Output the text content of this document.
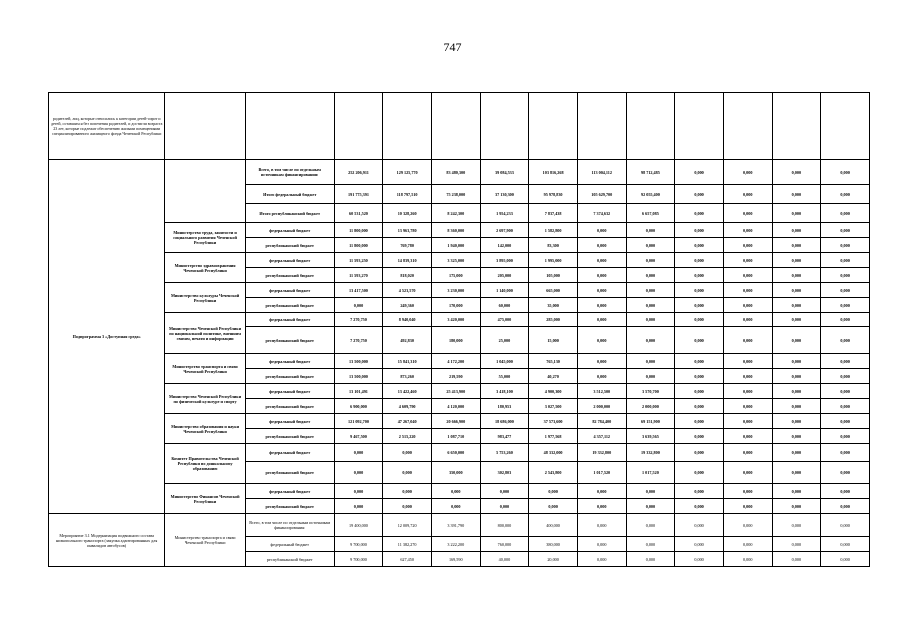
747
родителей, лиц, которые относились к категории детей-сирот и детей, оставшихся без попечения родителей, и достигли возраста 23 лет, которые подлежат обеспечению жилыми помещениями специализированного жилищного фонда Чеченской Республики													
Подпрограмма 3 «Доступная среда»		Всего, в том числе по отдельным источникам финансирования:	252 206,911	129 125,770	83 480,300	39 084,533	103 816,268	113 004,112	98 712,485	0,000	0,000	0,000	0,000
		Итого федеральный бюджет	191 775,391	118 797,510	75 238,000	37 130,300	95 978,830	105 629,700	92 055,400	0,000	0,000	0,000	0,000
		Итого республиканский бюджет	60 531,520	10 328,260	8 242,300	1 954,233	7 837,438	7 374,632	6 657,085	0,000	0,000	0,000	0,000
	Министерство труда, занятости и социального развития Чеченской Республики	федеральный бюджет	11 800,000	13 963,780	8 360,000	2 697,900	1 582,800	0,000	0,000	0,000	0,000	0,000	0,000
		республиканский бюджет	11 800,000	769,780	1 940,000	142,000	83,300	0,000	0,000	0,000	0,000	0,000	0,000
	Министерство здравоохранения Чеченской Республики	федеральный бюджет	11 593,250	14 839,310	3 325,000	3 895,000	1 995,000	0,000	0,000	0,000	0,000	0,000	0,000
		республиканский бюджет	11 593,270	818,020	175,000	205,000	105,000	0,000	0,000	0,000	0,000	0,000	0,000
	Министерство культуры Чеченской Республики	федеральный бюджет	13 417,500	4 523,570	3 230,000	1 140,000	665,000	0,000	0,000	0,000	0,000	0,000	0,000
		республиканский бюджет	0,000	249,360	170,000	60,000	35,000	0,000	0,000	0,000	0,000	0,000	0,000
	Министерство Чеченской Республики по национальной политике, внешним связям, печати и информации	федеральный бюджет	7 270,750	8 940,040	3 420,000	475,000	285,000	0,000	0,000	0,000	0,000	0,000	0,000
		республиканский бюджет	7 270,750	492,830	180,000	25,000	15,000	0,000	0,000	0,000	0,000	0,000	0,000
	Министерство транспорта и связи Чеченской Республики	федеральный бюджет	13 500,000	15 841,310	4 172,200	1 045,000	765,130	0,000	0,000	0,000	0,000	0,000	0,000
		республиканский бюджет	13 500,000	873,260	219,590	55,000	40,270	0,000	0,000	0,000	0,000	0,000	0,000
	Министерство Чеченской Республики по физической культуре и спорту	федеральный бюджет	13 101,491	13 422,460	25 413,900	3 418,100	4 900,300	3 512,500	3 570,700	0,000	0,000	0,000	0,000
		республиканский бюджет	6 900,000	4 609,790	4 120,000	180,953	3 027,500	2 000,000	2 000,000	0,000	0,000	0,000	0,000
	Министерство образования и науки Чеченской Республики	федеральный бюджет	121 092,700	47 267,040	20 666,900	18 686,000	37 573,600	82 784,400	69 151,900	0,000	0,000	0,000	0,000
		республиканский бюджет	9 467,500	2 515,220	1 087,710	983,477	1 977,568	4 357,112	3 639,565	0,000	0,000	0,000	0,000
	Комитет Правительства Чеченской Республики по дошкольному образованию	федеральный бюджет	0,000	0,000	6 650,000	5 753,260	48 332,000	19 332,800	19 332,800	0,000	0,000	0,000	0,000
		республиканский бюджет	0,000	0,000	350,000	302,803	2 543,800	1 017,520	1 017,520	0,000	0,000	0,000	0,000
	Министерство Финансов Чеченской Республики	федеральный бюджет	0,000	0,000	0,000	0,000	0,000	0,000	0,000	0,000	0,000	0,000	0,000
		республиканский бюджет	0,000	0,000	0,000	0,000	0,000	0,000	0,000	0,000	0,000	0,000	0,000
Мероприятие 3.1 Модернизация подвижного состава низкопольного транспорта (закупка адаптированных для инвалидов автобусов)	Министерство транспорта и связи Чеченской Республики	Всего, в том числе по отдельным источникам финансирования:	19 400,000	12 009,720	3 391,790	800,000	400,000	0,000	0,000	0,000	0,000	0,000	0,000
		федеральный бюджет	9 700,000	11 382,270	3 222,200	760,000	380,000	0,000	0,000	0,000	0,000	0,000	0,000
		республиканский бюджет	9 700,000	627,450	169,590	40,000	20,000	0,000	0,000	0,000	0,000	0,000	0,000
